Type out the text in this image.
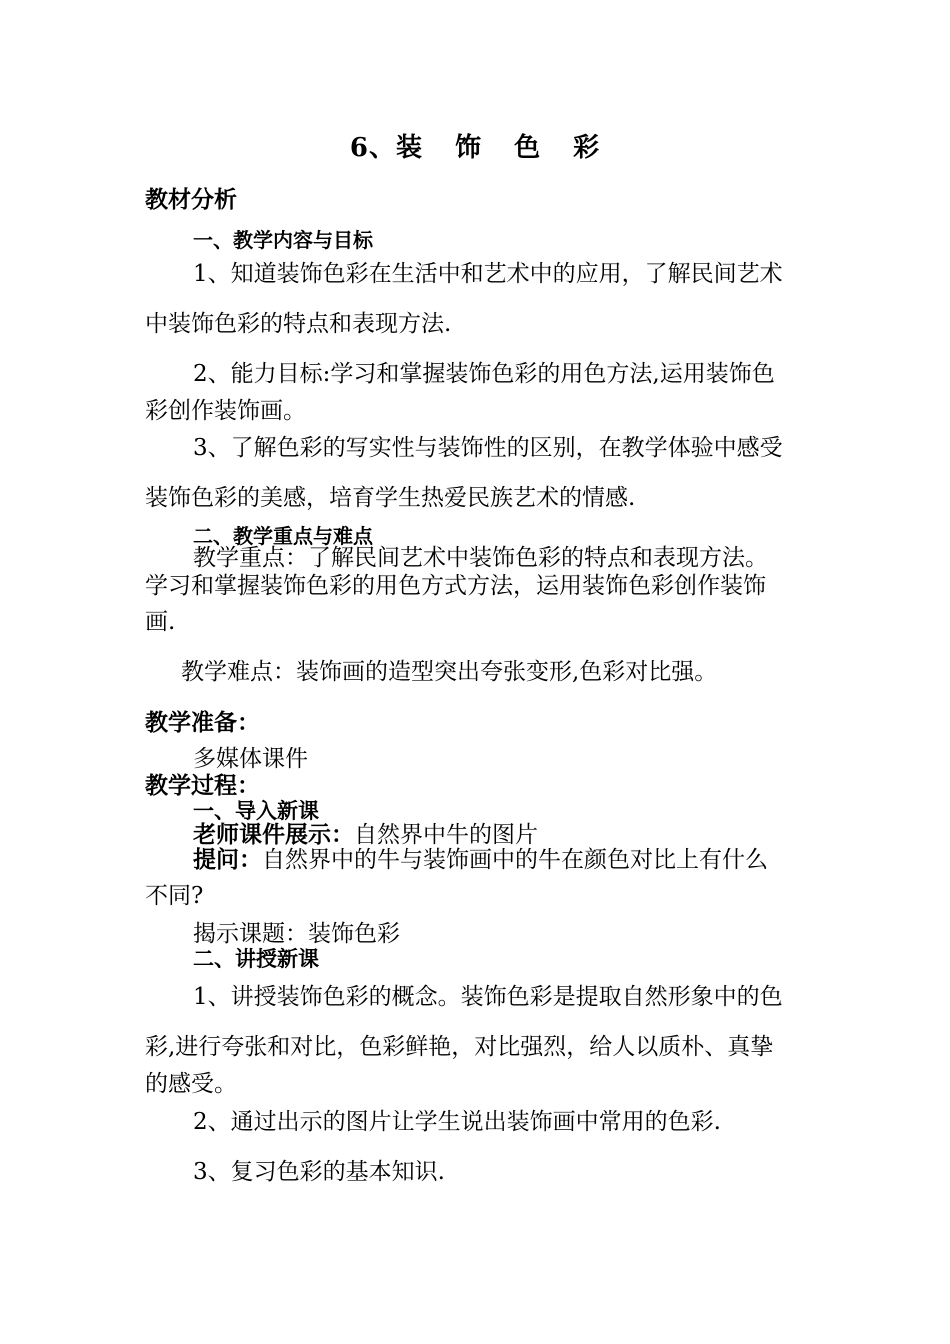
6、装 饰 色 彩
教材分析
一、教学内容与目标
1、知道装饰色彩在生活中和艺术中的应用，了解民间艺术
中装饰色彩的特点和表现方法.
2、能力目标:学习和掌握装饰色彩的用色方法,运用装饰色
彩创作装饰画。
3、了解色彩的写实性与装饰性的区别，在教学体验中感受
装饰色彩的美感，培育学生热爱民族艺术的情感.
二、教学重点与难点
教学重点：了解民间艺术中装饰色彩的特点和表现方法。
学习和掌握装饰色彩的用色方式方法，运用装饰色彩创作装饰
画.
教学难点：装饰画的造型突出夸张变形,色彩对比强。
教学准备：
多媒体课件
教学过程：
一、导入新课
老师课件展示：自然界中牛的图片
提问：自然界中的牛与装饰画中的牛在颜色对比上有什么
不同?
揭示课题：装饰色彩
二、讲授新课
1、讲授装饰色彩的概念。装饰色彩是提取自然形象中的色
彩,进行夸张和对比，色彩鲜艳，对比强烈，给人以质朴、真挚
的感受。
2、通过出示的图片让学生说出装饰画中常用的色彩.
3、复习色彩的基本知识.
